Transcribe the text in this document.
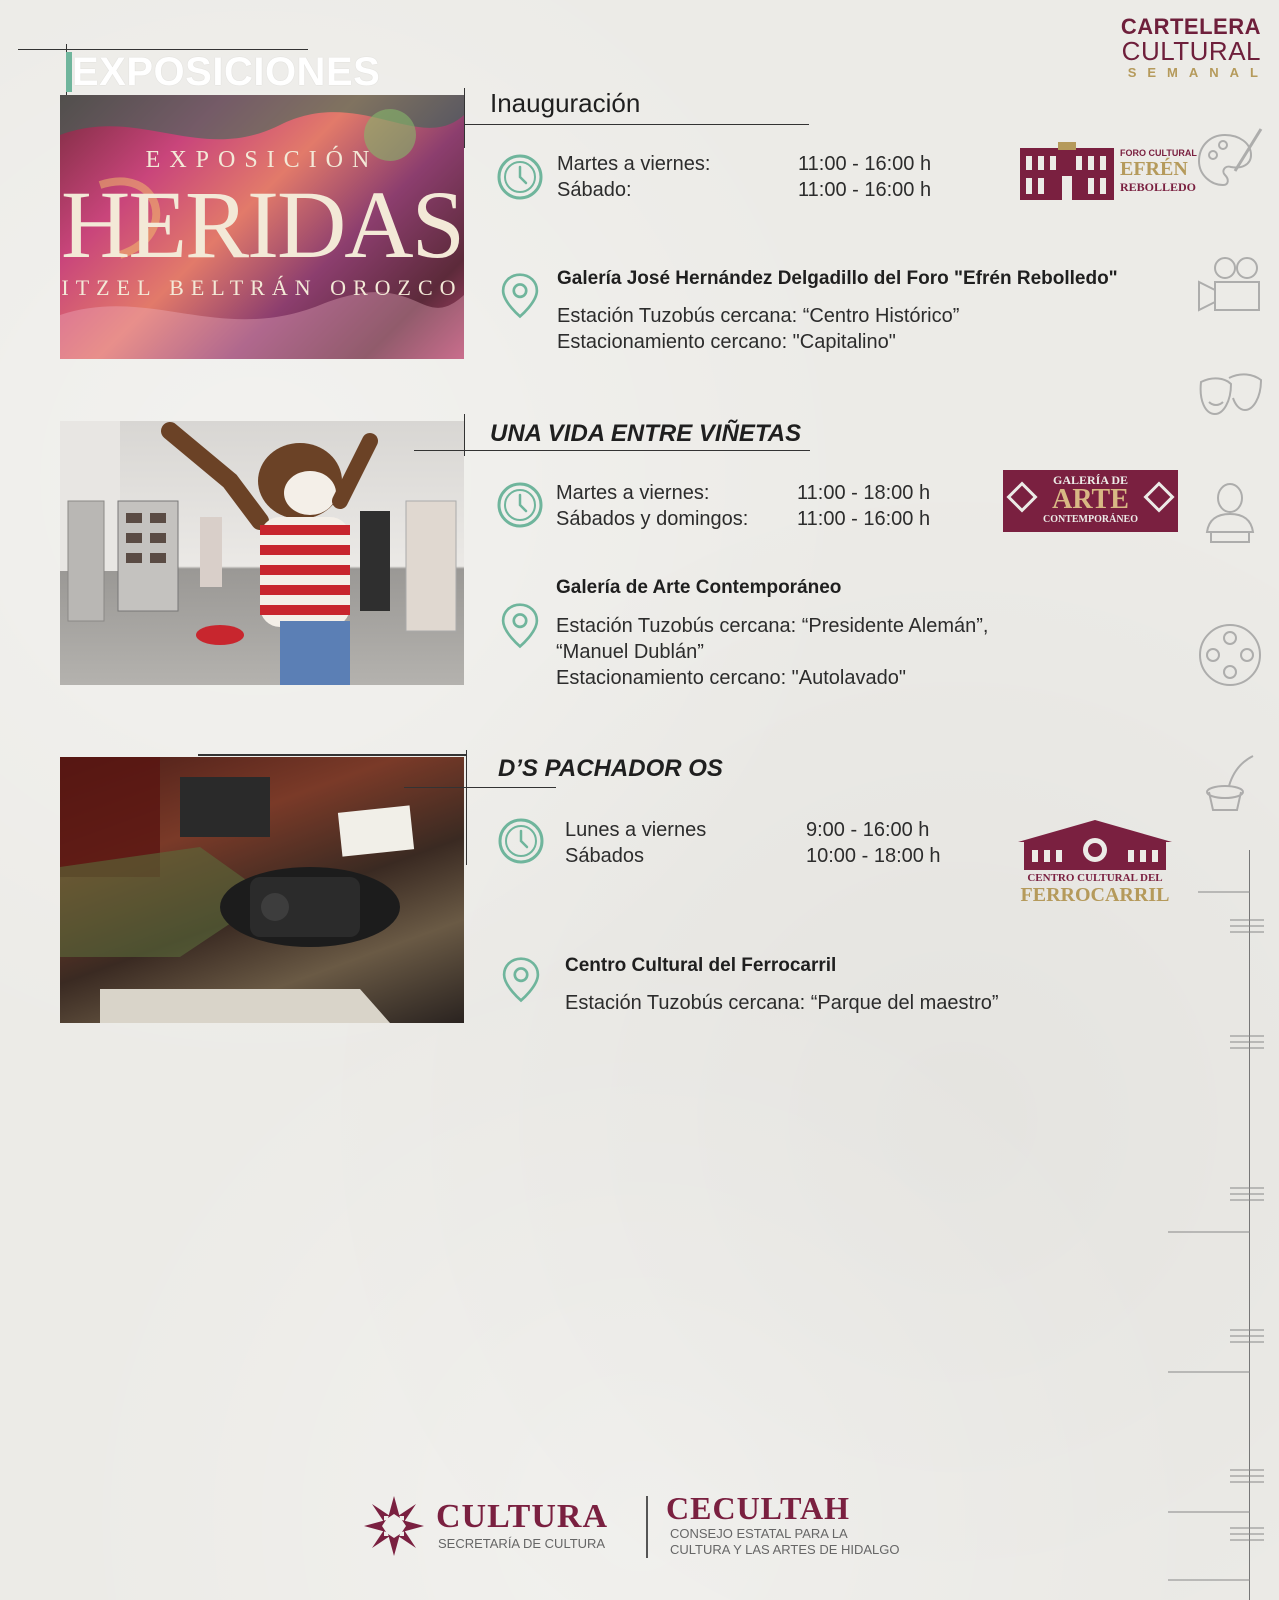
EXPOSICIONES
CARTELERA
CULTURAL
SEMANAL
EXPOSICIÓN
HERIDAS
ITZEL BELTRÁN OROZCO
Inauguración
Martes a viernes:	11:00 - 16:00 h
Sábado:	11:00 - 16:00 h
FORO CULTURAL
EFRÉN
REBOLLEDO
Galería José Hernández Delgadillo del Foro "Efrén Rebolledo"
Estación Tuzobús cercana: “Centro Histórico”
Estacionamiento cercano: "Capitalino"
UNA VIDA ENTRE VIÑETAS
Martes a viernes:	11:00 - 18:00 h
Sábados y domingos: 11:00 - 16:00 h
GALERÍA DE
ARTE
CONTEMPORÁNEO
Galería de Arte Contemporáneo
Estación Tuzobús cercana: “Presidente Alemán”,
“Manuel Dublán”
Estacionamiento cercano: "Autolavado"
D’S PACHADOR OS
Lunes a viernes	9:00 - 16:00 h
Sábados	10:00 - 18:00 h
CENTRO CULTURAL DEL
FERROCARRIL
Centro Cultural del Ferrocarril
Estación Tuzobús cercana: “Parque del maestro”
CULTURA
SECRETARÍA DE CULTURA
CECULTAH
CONSEJO ESTATAL PARA LA
CULTURA Y LAS ARTES DE HIDALGO
